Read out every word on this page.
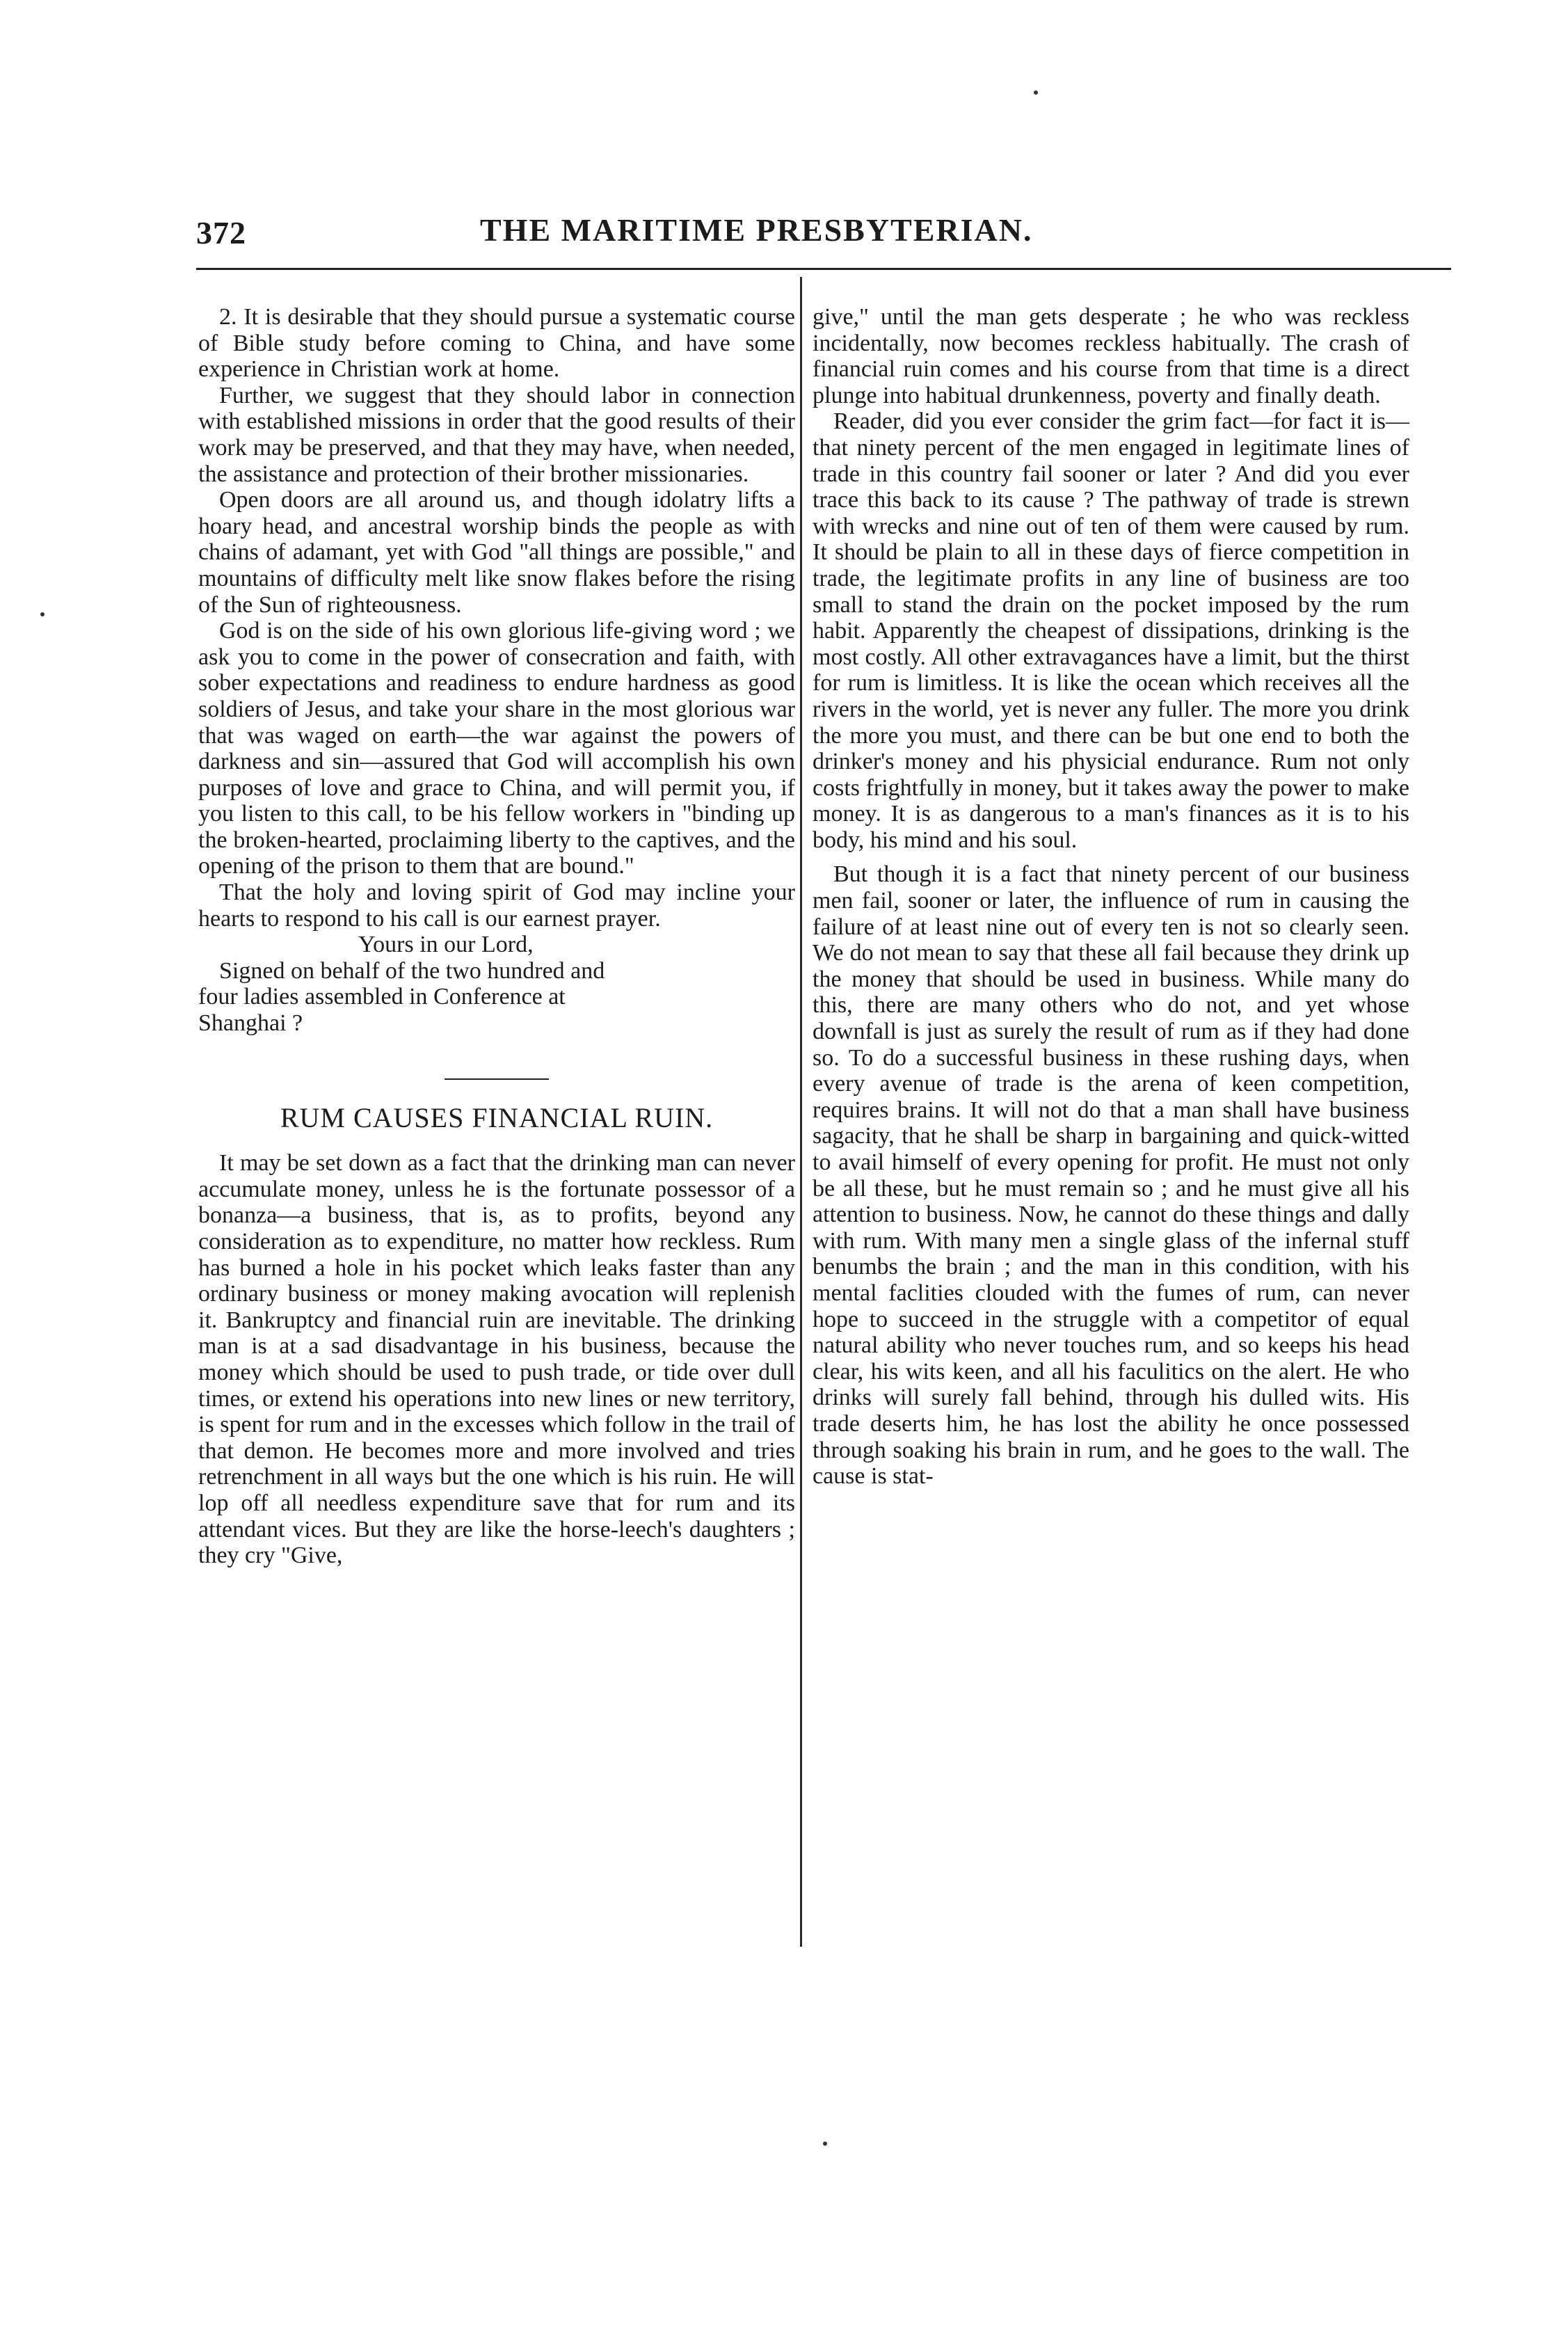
372	THE MARITIME PRESBYTERIAN.

2. It is desirable that they should pursue a systematic course of Bible study before coming to China, and have some experience in Christian work at home.

Further, we suggest that they should labor in connection with established missions in order that the good results of their work may be preserved, and that they may have, when needed, the assistance and protection of their brother missionaries.

Open doors are all around us, and though idolatry lifts a hoary head, and ancestral worship binds the people as with chains of adamant, yet with God "all things are possible," and mountains of difficulty melt like snow flakes before the rising of the Sun of righteousness.

God is on the side of his own glorious life-giving word ; we ask you to come in the power of consecration and faith, with sober expectations and readiness to endure hardness as good soldiers of Jesus, and take your share in the most glorious war that was waged on earth—the war against the powers of darkness and sin—assured that God will accomplish his own purposes of love and grace to China, and will permit you, if you listen to this call, to be his fellow workers in "binding up the broken-hearted, proclaiming liberty to the captives, and the opening of the prison to them that are bound."

That the holy and loving spirit of God may incline your hearts to respond to his call is our earnest prayer.

Yours in our Lord,
Signed on behalf of the two hundred and
four ladies assembled in Conference at
Shanghai ?
RUM CAUSES FINANCIAL RUIN.

It may be set down as a fact that the drinking man can never accumulate money, unless he is the fortunate possessor of a bonanza—a business, that is, as to profits, beyond any consideration as to expenditure, no matter how reckless. Rum has burned a hole in his pocket which leaks faster than any ordinary business or money making avocation will replenish it. Bankruptcy and financial ruin are inevitable. The drinking man is at a sad disadvantage in his business, because the money which should be used to push trade, or tide over dull times, or extend his operations into new lines or new territory, is spent for rum and in the excesses which follow in the trail of that demon. He becomes more and more involved and tries retrenchment in all ways but the one which is his ruin. He will lop off all needless expenditure save that for rum and its attendant vices. But they are like the horse-leech's daughters ; they cry "Give,

give," until the man gets desperate ; he who was reckless incidentally, now becomes reckless habitually. The crash of financial ruin comes and his course from that time is a direct plunge into habitual drunkenness, poverty and finally death.

Reader, did you ever consider the grim fact—for fact it is—that ninety percent of the men engaged in legitimate lines of trade in this country fail sooner or later ? And did you ever trace this back to its cause ? The pathway of trade is strewn with wrecks and nine out of ten of them were caused by rum. It should be plain to all in these days of fierce competition in trade, the legitimate profits in any line of business are too small to stand the drain on the pocket imposed by the rum habit. Apparently the cheapest of dissipations, drinking is the most costly. All other extravagances have a limit, but the thirst for rum is limitless. It is like the ocean which receives all the rivers in the world, yet is never any fuller. The more you drink the more you must, and there can be but one end to both the drinker's money and his physicial endurance. Rum not only costs frightfully in money, but it takes away the power to make money. It is as dangerous to a man's finances as it is to his body, his mind and his soul.

But though it is a fact that ninety percent of our business men fail, sooner or later, the influence of rum in causing the failure of at least nine out of every ten is not so clearly seen. We do not mean to say that these all fail because they drink up the money that should be used in business. While many do this, there are many others who do not, and yet whose downfall is just as surely the result of rum as if they had done so. To do a successful business in these rushing days, when every avenue of trade is the arena of keen competition, requires brains. It will not do that a man shall have business sagacity, that he shall be sharp in bargaining and quick-witted to avail himself of every opening for profit. He must not only be all these, but he must remain so ; and he must give all his attention to business. Now, he cannot do these things and dally with rum. With many men a single glass of the infernal stuff benumbs the brain ; and the man in this condition, with his mental faclities clouded with the fumes of rum, can never hope to succeed in the struggle with a competitor of equal natural ability who never touches rum, and so keeps his head clear, his wits keen, and all his faculitics on the alert. He who drinks will surely fall behind, through his dulled wits. His trade deserts him, he has lost the ability he once possessed through soaking his brain in rum, and he goes to the wall. The cause is stat-
